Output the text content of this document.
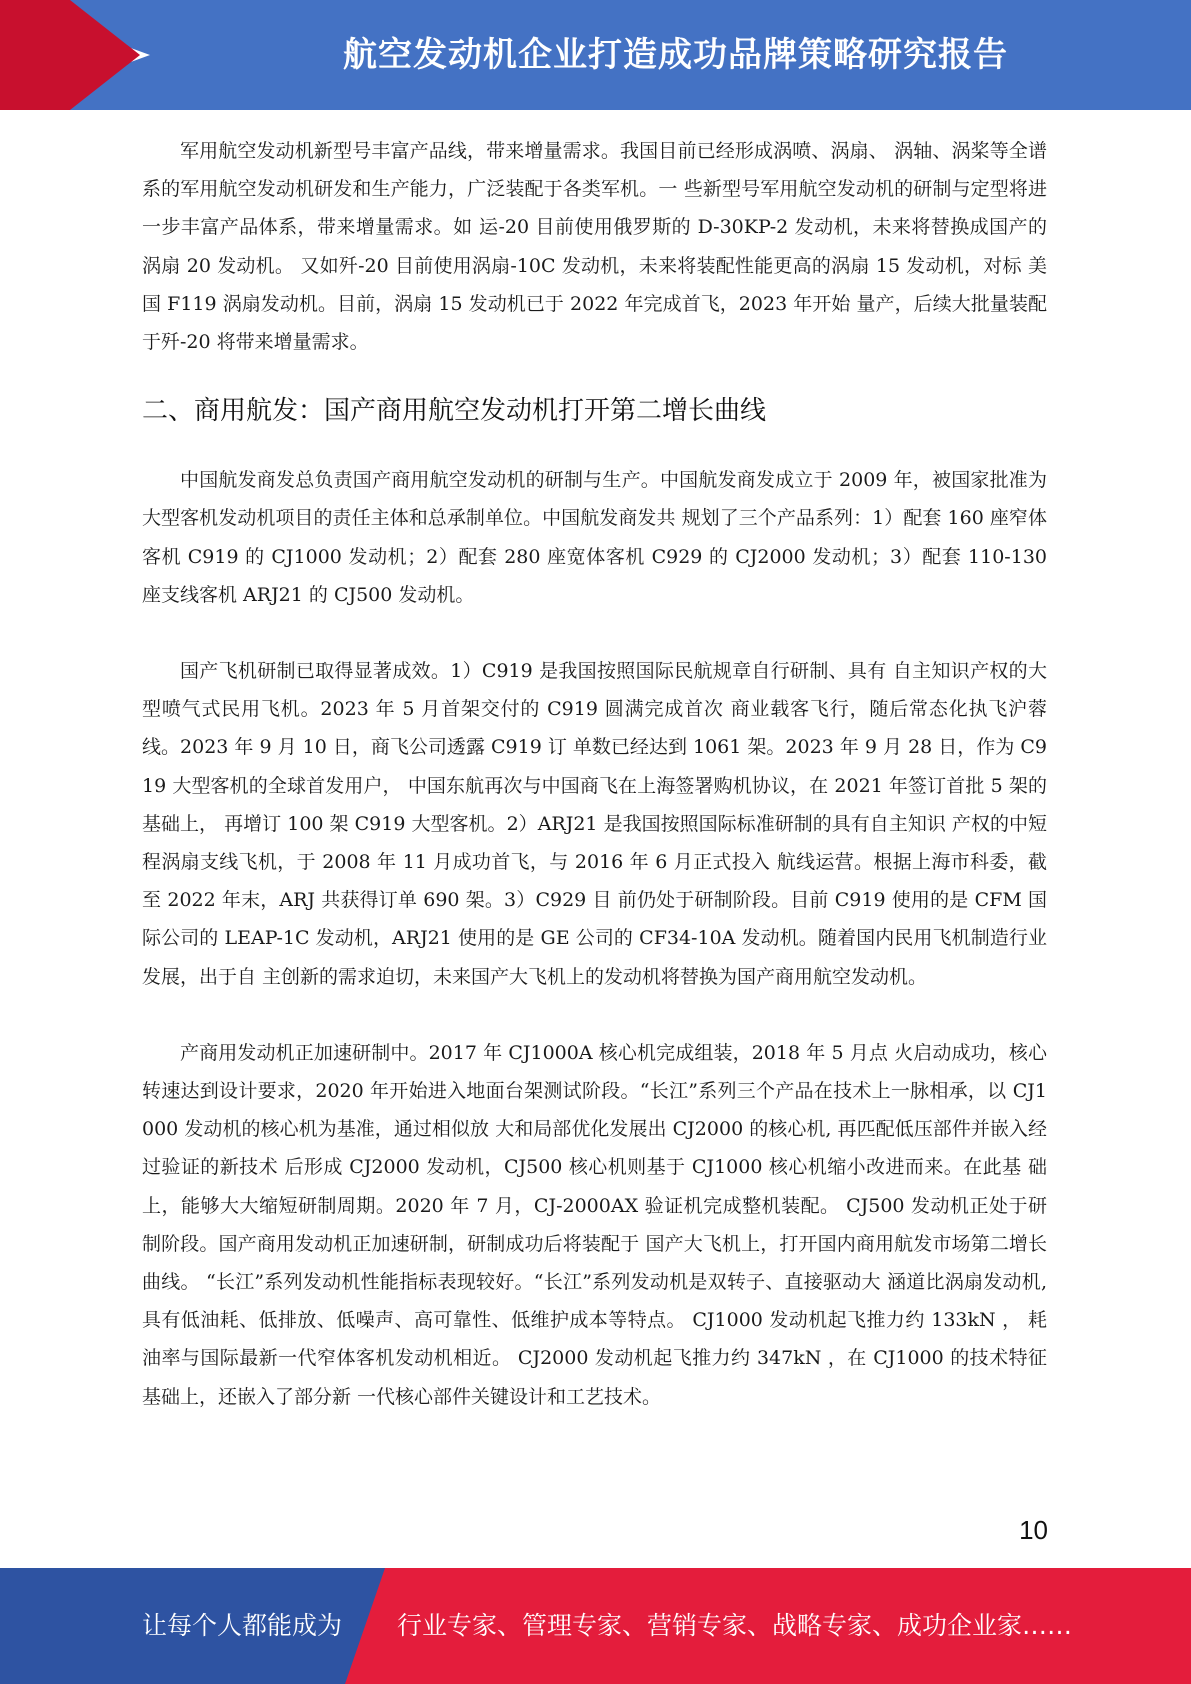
航空发动机企业打造成功品牌策略研究报告

军用航空发动机新型号丰富产品线，带来增量需求。我国目前已经形成涡喷、涡扇、 涡轴、涡桨等全谱系的军用航空发动机研发和生产能力，广泛装配于各类军机。一 些新型号军用航空发动机的研制与定型将进一步丰富产品体系，带来增量需求。如 运-20 目前使用俄罗斯的 D-30KP-2 发动机，未来将替换成国产的涡扇 20 发动机。 又如歼-20 目前使用涡扇-10C 发动机，未来将装配性能更高的涡扇 15 发动机，对标 美国 F119 涡扇发动机。目前，涡扇 15 发动机已于 2022 年完成首飞，2023 年开始 量产，后续大批量装配于歼-20 将带来增量需求。

二、商用航发：国产商用航空发动机打开第二增长曲线

中国航发商发总负责国产商用航空发动机的研制与生产。中国航发商发成立于 2009 年，被国家批准为大型客机发动机项目的责任主体和总承制单位。中国航发商发共 规划了三个产品系列：1）配套 160 座窄体客机 C919 的 CJ1000 发动机；2）配套 280 座宽体客机 C929 的 CJ2000 发动机；3）配套 110-130 座支线客机 ARJ21 的 CJ500 发动机。

国产飞机研制已取得显著成效。1）C919 是我国按照国际民航规章自行研制、具有 自主知识产权的大型喷气式民用飞机。2023 年 5 月首架交付的 C919 圆满完成首次 商业载客飞行，随后常态化执飞沪蓉线。2023 年 9 月 10 日，商飞公司透露 C919 订 单数已经达到 1061 架。2023 年 9 月 28 日，作为 C919 大型客机的全球首发用户， 中国东航再次与中国商飞在上海签署购机协议，在 2021 年签订首批 5 架的基础上， 再增订 100 架 C919 大型客机。2）ARJ21 是我国按照国际标准研制的具有自主知识 产权的中短程涡扇支线飞机，于 2008 年 11 月成功首飞，与 2016 年 6 月正式投入 航线运营。根据上海市科委，截至 2022 年末，ARJ 共获得订单 690 架。3）C929 目 前仍处于研制阶段。目前 C919 使用的是 CFM 国际公司的 LEAP-1C 发动机，ARJ21 使用的是 GE 公司的 CF34-10A 发动机。随着国内民用飞机制造行业发展，出于自 主创新的需求迫切，未来国产大飞机上的发动机将替换为国产商用航空发动机。

产商用发动机正加速研制中。2017 年 CJ1000A 核心机完成组装，2018 年 5 月点 火启动成功，核心转速达到设计要求，2020 年开始进入地面台架测试阶段。“长江”系列三个产品在技术上一脉相承，以 CJ1000 发动机的核心机为基准，通过相似放 大和局部优化发展出 CJ2000 的核心机, 再匹配低压部件并嵌入经过验证的新技术 后形成 CJ2000 发动机，CJ500 核心机则基于 CJ1000 核心机缩小改进而来。在此基 础上，能够大大缩短研制周期。2020 年 7 月，CJ-2000AX 验证机完成整机装配。 CJ500 发动机正处于研制阶段。国产商用发动机正加速研制，研制成功后将装配于 国产大飞机上，打开国内商用航发市场第二增长曲线。 “长江”系列发动机性能指标表现较好。“长江”系列发动机是双转子、直接驱动大 涵道比涡扇发动机, 具有低油耗、低排放、低噪声、高可靠性、低维护成本等特点。 CJ1000 发动机起飞推力约 133kN ， 耗油率与国际最新一代窄体客机发动机相近。 CJ2000 发动机起飞推力约 347kN ，在 CJ1000 的技术特征基础上，还嵌入了部分新 一代核心部件关键设计和工艺技术。

10
让每个人都能成为 行业专家、管理专家、营销专家、战略专家、成功企业家……
